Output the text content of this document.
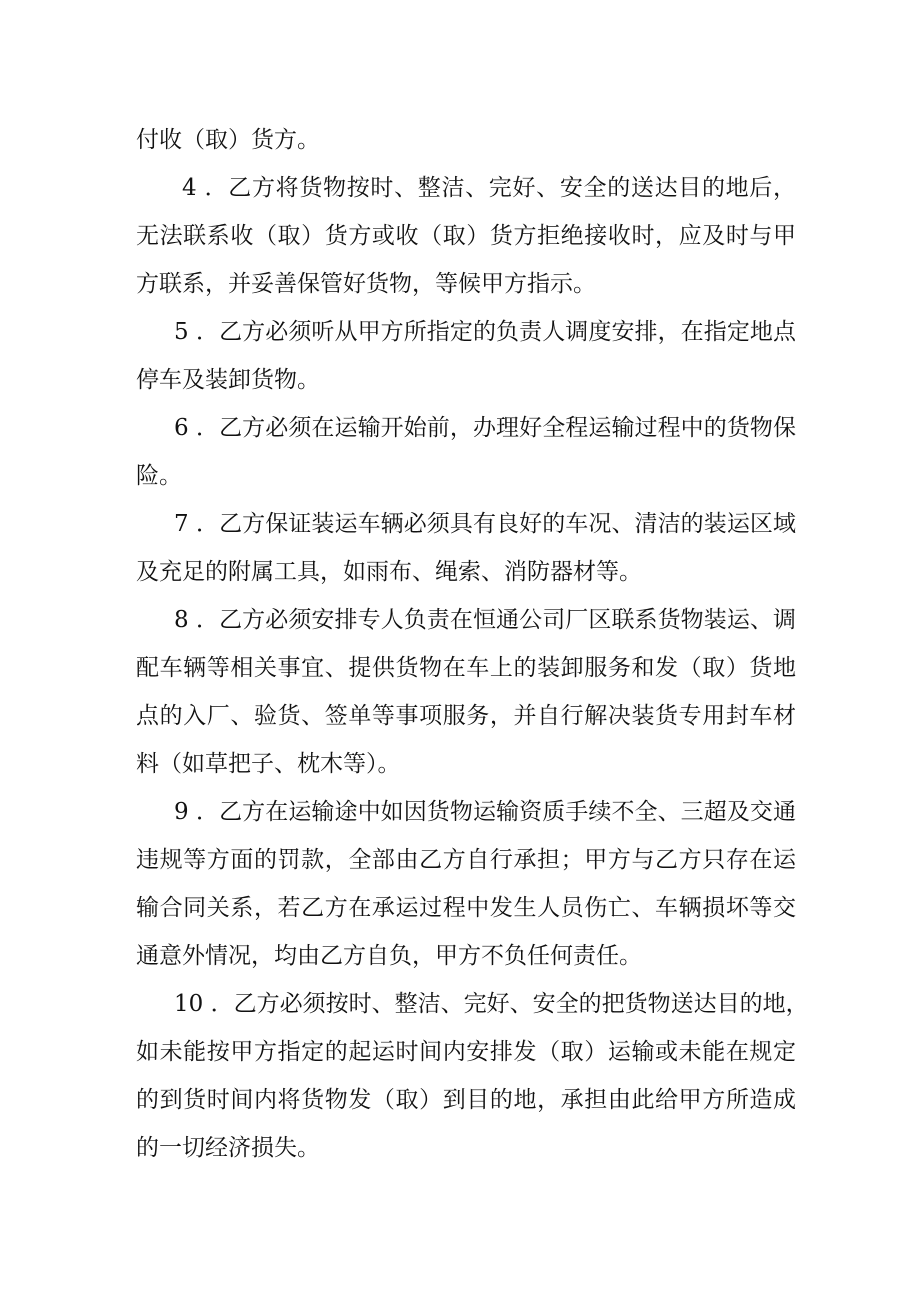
付收（取）货方。
4 ．乙方将货物按时、整洁、完好、安全的送达目的地后，
无法联系收（取）货方或收（取）货方拒绝接收时，应及时与甲
方联系，并妥善保管好货物，等候甲方指示。
5 ．乙方必须听从甲方所指定的负责人调度安排，在指定地点
停车及装卸货物。
6 ．乙方必须在运输开始前，办理好全程运输过程中的货物保
险。
7 ．乙方保证装运车辆必须具有良好的车况、清洁的装运区域
及充足的附属工具，如雨布、绳索、消防器材等。
8 ．乙方必须安排专人负责在恒通公司厂区联系货物装运、调
配车辆等相关事宜、提供货物在车上的装卸服务和发（取）货地
点的入厂、验货、签单等事项服务，并自行解决装货专用封车材
料（如草把子、枕木等）。
9 ．乙方在运输途中如因货物运输资质手续不全、三超及交通
违规等方面的罚款，全部由乙方自行承担；甲方与乙方只存在运
输合同关系，若乙方在承运过程中发生人员伤亡、车辆损坏等交
通意外情况，均由乙方自负，甲方不负任何责任。
10 ．乙方必须按时、整洁、完好、安全的把货物送达目的地，
如未能按甲方指定的起运时间内安排发（取）运输或未能在规定
的到货时间内将货物发（取）到目的地，承担由此给甲方所造成
的一切经济损失。
